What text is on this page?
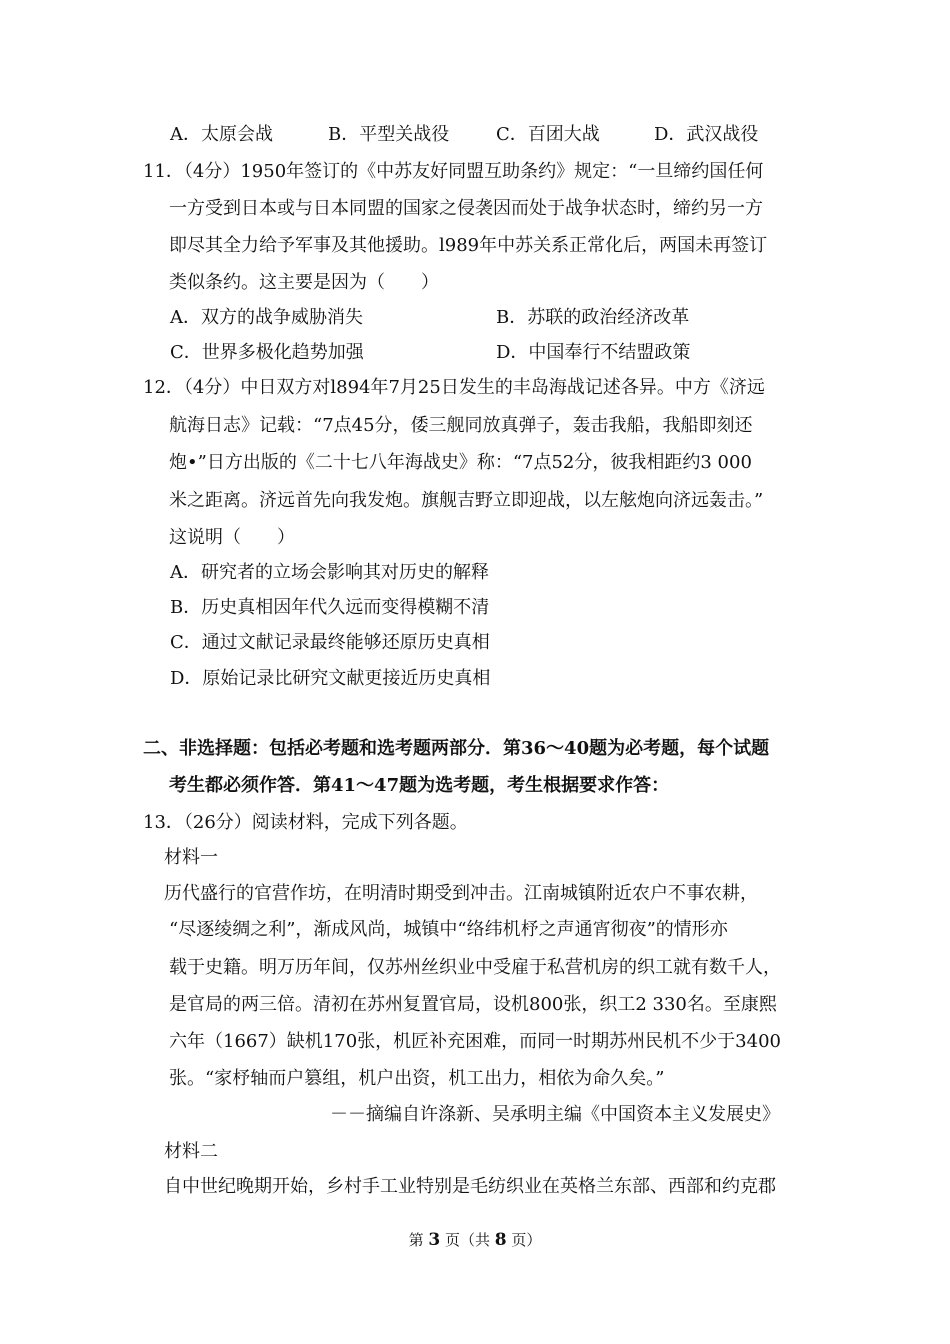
A．太原会战	B．平型关战役	C．百团大战	D．武汉战役
11．（4分）1950年签订的《中苏友好同盟互助条约》规定：“一旦缔约国任何
一方受到日本或与日本同盟的国家之侵袭因而处于战争状态时，缔约另一方
即尽其全力给予军事及其他援助。l989年中苏关系正常化后，两国未再签订
类似条约。这主要是因为（　　）
A．双方的战争威胁消失	B．苏联的政治经济改革
C．世界多极化趋势加强	D．中国奉行不结盟政策
12．（4分）中日双方对l894年7月25日发生的丰岛海战记述各异。中方《济远
航海日志》记载：“7点45分，倭三舰同放真弹子，轰击我船，我船即刻还
炮•”日方出版的《二十七八年海战史》称：“7点52分，彼我相距约3 000
米之距离。济远首先向我发炮。旗舰吉野立即迎战，以左舷炮向济远轰击。”
这说明（　　）
A．研究者的立场会影响其对历史的解释
B．历史真相因年代久远而变得模糊不清
C．通过文献记录最终能够还原历史真相
D．原始记录比研究文献更接近历史真相
二、非选择题：包括必考题和选考题两部分．第36～40题为必考题，每个试题
考生都必须作答．第41～47题为选考题，考生根据要求作答：
13．（26分）阅读材料，完成下列各题。
材料一
历代盛行的官营作坊，在明清时期受到冲击。江南城镇附近农户不事农耕，
“尽逐绫绸之利”，渐成风尚，城镇中“络纬机杼之声通宵彻夜”的情形亦
载于史籍。明万历年间，仅苏州丝织业中受雇于私营机房的织工就有数千人，
是官局的两三倍。清初在苏州复置官局，设机800张，织工2 330名。至康熙
六年（1667）缺机170张，机匠补充困难，而同一时期苏州民机不少于3400
张。“家杼轴而户篡组，机户出资，机工出力，相依为命久矣。”
－－摘编自许涤新、吴承明主编《中国资本主义发展史》
材料二
自中世纪晚期开始，乡村手工业特别是毛纺织业在英格兰东部、西部和约克郡
第 3 页（共 8 页）
